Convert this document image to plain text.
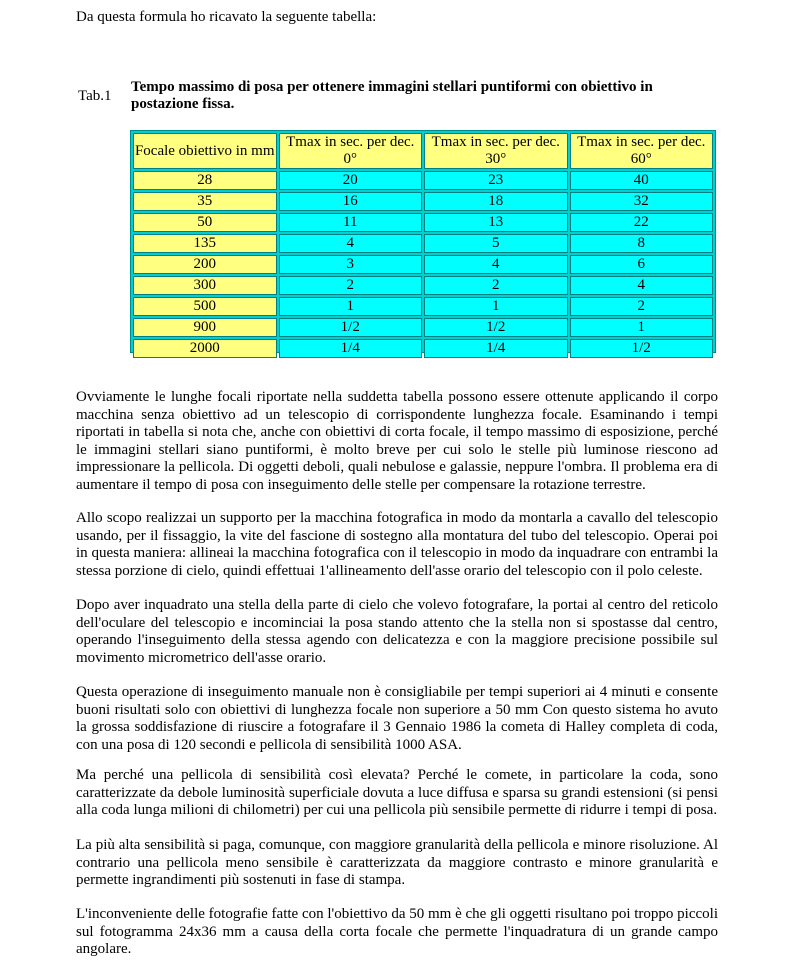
Da questa formula ho ricavato la seguente tabella:
Tab.1
Tempo massimo di posa per ottenere immagini stellari puntiformi con obiettivo in postazione fissa.
Focale obiettivo in mm	Tmax in sec. per dec. 0°	Tmax in sec. per dec. 30°	Tmax in sec. per dec. 60°
28	20	23	40
35	16	18	32
50	11	13	22
135	4	5	8
200	3	4	6
300	2	2	4
500	1	1	2
900	1/2	1/2	1
2000	1/4	1/4	1/2
Ovviamente le lunghe focali riportate nella suddetta tabella possono essere ottenute applicando il corpo macchina senza obiettivo ad un telescopio di corrispondente lunghezza focale. Esaminando i tempi riportati in tabella si nota che, anche con obiettivi di corta focale, il tempo massimo di esposizione, perché le immagini stellari siano puntiformi, è molto breve per cui solo le stelle più luminose riescono ad impressionare la pellicola. Di oggetti deboli, quali nebulose e galassie, neppure l'ombra. Il problema era di aumentare il tempo di posa con inseguimento delle stelle per compensare la rotazione terrestre.
Allo scopo realizzai un supporto per la macchina fotografica in modo da montarla a cavallo del telescopio usando, per il fissaggio, la vite del fascione di sostegno alla montatura del tubo del telescopio. Operai poi in questa maniera: allineai la macchina fotografica con il telescopio in modo da inquadrare con entrambi la stessa porzione di cielo, quindi effettuai 1'allineamento dell'asse orario del telescopio con il polo celeste.
Dopo aver inquadrato una stella della parte di cielo che volevo fotografare, la portai al centro del reticolo dell'oculare del telescopio e incominciai la posa stando attento che la stella non si spostasse dal centro, operando l'inseguimento della stessa agendo con delicatezza e con la maggiore precisione possibile sul movimento micrometrico dell'asse orario.
Questa operazione di inseguimento manuale non è consigliabile per tempi superiori ai 4 minuti e consente buoni risultati solo con obiettivi di lunghezza focale non superiore a 50 mm Con questo sistema ho avuto la grossa soddisfazione di riuscire a fotografare il 3 Gennaio 1986 la cometa di Halley completa di coda, con una posa di 120 secondi e pellicola di sensibilità 1000 ASA.
Ma perché una pellicola di sensibilità così elevata? Perché le comete, in particolare la coda, sono caratterizzate da debole luminosità superficiale dovuta a luce diffusa e sparsa su grandi estensioni (si pensi alla coda lunga milioni di chilometri) per cui una pellicola più sensibile permette di ridurre i tempi di posa.
La più alta sensibilità si paga, comunque, con maggiore granularità della pellicola e minore risoluzione. Al contrario una pellicola meno sensibile è caratterizzata da maggiore contrasto e minore granularità e permette ingrandimenti più sostenuti in fase di stampa.
L'inconveniente delle fotografie fatte con l'obiettivo da 50 mm è che gli oggetti risultano poi troppo piccoli sul fotogramma 24x36 mm a causa della corta focale che permette l'inquadratura di un grande campo angolare.
